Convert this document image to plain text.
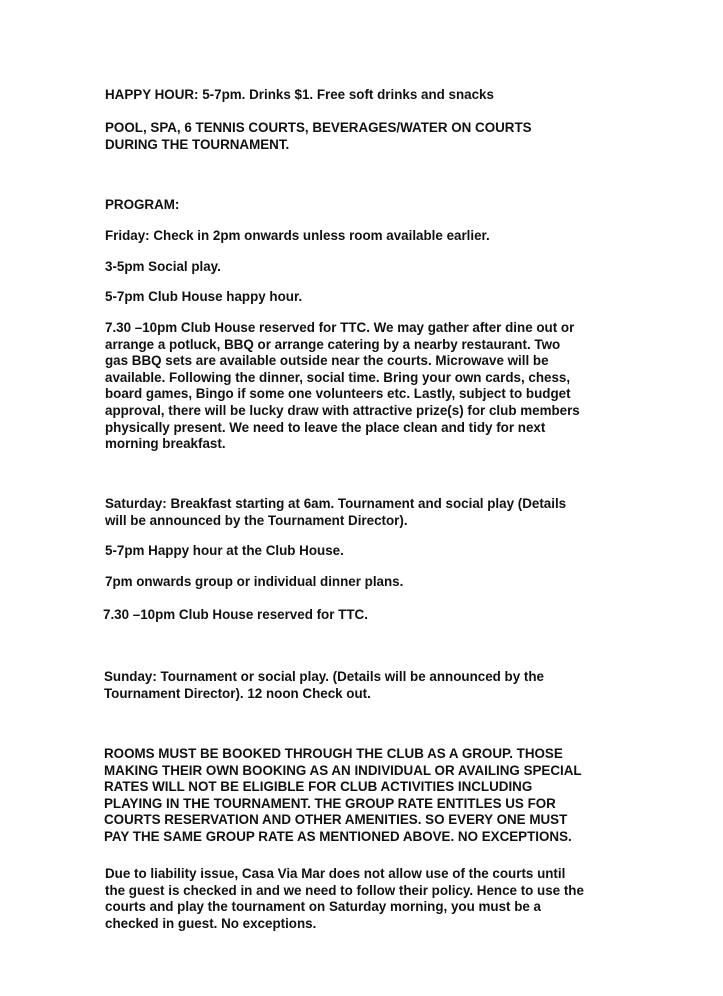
HAPPY HOUR: 5-7pm. Drinks $1. Free soft drinks and snacks

POOL, SPA, 6 TENNIS COURTS, BEVERAGES/WATER ON COURTS
DURING THE TOURNAMENT.

PROGRAM:

Friday: Check in 2pm onwards unless room available earlier.

3-5pm Social play.

5-7pm Club House happy hour.

7.30 –10pm Club House reserved for TTC. We may gather after dine out or
arrange a potluck, BBQ or arrange catering by a nearby restaurant. Two
gas BBQ sets are available outside near the courts. Microwave will be
available. Following the dinner, social time. Bring your own cards, chess,
board games, Bingo if some one volunteers etc. Lastly, subject to budget
approval, there will be lucky draw with attractive prize(s) for club members
physically present. We need to leave the place clean and tidy for next
morning breakfast.

Saturday: Breakfast starting at 6am. Tournament and social play (Details
will be announced by the Tournament Director).

5-7pm Happy hour at the Club House.

7pm onwards group or individual dinner plans.

7.30 –10pm Club House reserved for TTC.

Sunday: Tournament or social play. (Details will be announced by the
Tournament Director). 12 noon Check out.

ROOMS MUST BE BOOKED THROUGH THE CLUB AS A GROUP. THOSE
MAKING THEIR OWN BOOKING AS AN INDIVIDUAL OR AVAILING SPECIAL
RATES WILL NOT BE ELIGIBLE FOR CLUB ACTIVITIES INCLUDING
PLAYING IN THE TOURNAMENT. THE GROUP RATE ENTITLES US FOR
COURTS RESERVATION AND OTHER AMENITIES. SO EVERY ONE MUST
PAY THE SAME GROUP RATE AS MENTIONED ABOVE. NO EXCEPTIONS.

Due to liability issue, Casa Via Mar does not allow use of the courts until
the guest is checked in and we need to follow their policy. Hence to use the
courts and play the tournament on Saturday morning, you must be a
checked in guest. No exceptions.
